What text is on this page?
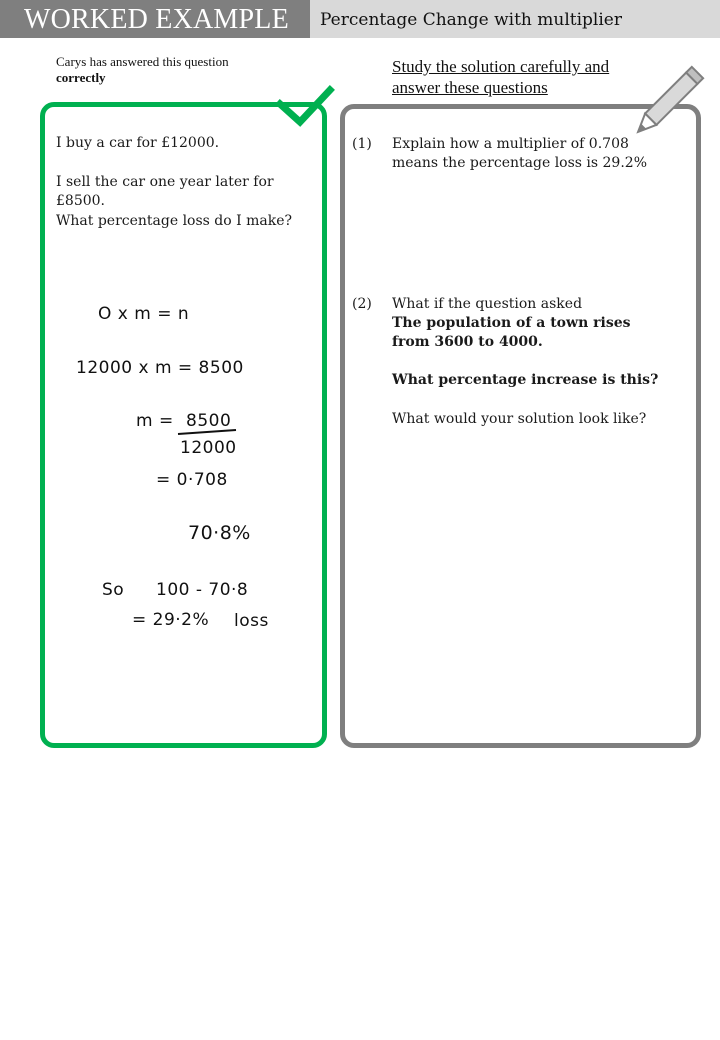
WORKED EXAMPLE	Percentage Change with multiplier
Carys has answered this question
correctly
Study the solution carefully and answer these questions
I buy a car for £12000.
I sell the car one year later for £8500.
What percentage loss do I make?
O x m = n
12000 x m = 8500
m = 8500
12000
= 0·708
70·8%
So 100 - 70·8
= 29·2% loss
(1) Explain how a multiplier of 0.708 means the percentage loss is 29.2%
(2) What if the question asked
The population of a town rises from 3600 to 4000.
What percentage increase is this?
What would your solution look like?
